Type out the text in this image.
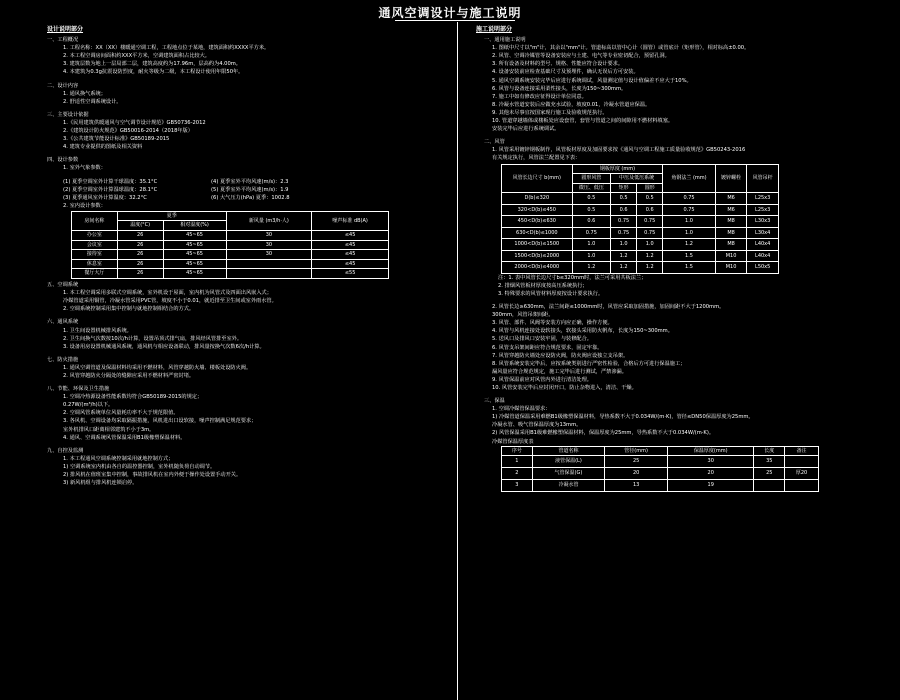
通风空调设计与施工说明
设计说明部分
一、工程概况
1. 工程名称：XX（XX）楼暖通空调工程，工程地点位于某地，建筑面积约XXXX平方米。
2. 本工程空调房间面积约XXX平方米，空调建筑面积占比较大。
3. 建筑层数为地上一层局部二层，建筑高度约为17.96m，层高约为4.00m。
4. 本建筑为0.3g抗震设防烈度，耐火等级为二级，本工程设计使用年限50年。
二、设计内容
1. 通风换气系统；
2. 舒适性空调系统设计。
三、主要设计依据
1.《民用建筑供暖通风与空气调节设计规范》GB50736-2012
2.《建筑设计防火规范》GB50016-2014（2018年版）
3.《公共建筑节能设计标准》GB50189-2015
4. 建筑专业提供的图纸及相关资料
四、设计参数
1. 室外气象参数：
(1) 夏季空调室外计算干球温度：35.1°C	(4) 夏季室外平均风速(m/s)：2.3
(2) 夏季空调室外计算湿球温度：28.1°C	(5) 夏季室外平均风速(m/s)：1.9
(3) 夏季通风室外计算温度：32.2°C	(6) 大气压力(hPa) 夏季：1002.8
2. 室内设计参数：
房间名称	夏季		新风量 (m3/h·人)	噪声标准 dB(A)
	温度(°C)	相对湿度(%)		
办公室	26	45~65	30	≤45
会议室	26	45~65	30	≤45
接待室	26	45~65	30	≤45
休息室	26	45~65		≤45
餐厅大厅	26	45~65		≤55
五、空调系统
1. 本工程空调采用多联式空调系统，室外机设于屋面，室内机为风管式及四面出风嵌入式；
冷媒管道采用铜管，冷凝水管采用PVC管，坡度不小于0.01，就近排至卫生间或室外雨水管。
2. 空调系统控制采用集中控制与就地控制相结合的方式。
六、通风系统
1. 卫生间设置机械排风系统。
2. 卫生间换气次数按10次/h计算，设置吊顶式排气扇，排风经风管排至室外。
3. 设备用房设置机械通风系统，通风机与相应设备联动，排风量按换气次数6次/h计算。
七、防火措施
1. 通风空调管道及保温材料均采用不燃材料，风管穿越防火墙、楼板处设防火阀。
2. 风管穿越防火分隔处的缝隙应采用不燃材料严密封堵。
八、节能、环保及卫生措施
1. 空调冷热源设备性能系数均符合GB50189-2015的规定；
0.27W/(m³/h)以下。
2. 空调风管系统单位风量耗功率不大于规范限值。
3. 各风机、空调设备均采取隔振措施，风机进出口设软接，噪声控制满足规范要求；
室外机排风口距离相邻建筑不小于3m。
4. 通风、空调系统风管保温采用B1级橡塑保温材料。
九、自控及监测
1. 本工程通风空调系统控制采用就地控制方式；
1) 空调系统室内机由各自的温控器控制，室外机随负荷自动调节。
2) 排风机在值班室集中控制，事故排风机在室内外便于操作处设置手动开关。
3) 新风机组与排风机连锁启停。
施工说明部分
一、通用施工说明
1. 图纸中尺寸以"m"计，其余以"mm"计。管道标高以管中心计（圆管）或管底计（矩形管），相对标高±0.00。
2. 风管、空调冷媒管等设备安装应与土建、电气等专业密切配合，预留孔洞。
3. 所有设备及材料的型号、规格、性能应符合设计要求。
4. 设备安装前应检查基础尺寸及预埋件，确认无误后方可安装。
5. 通风空调系统安装完毕后应进行系统调试，风量测定值与设计值偏差不应大于10%。
6. 风管与设备连接采用柔性接头，长度为150~300mm。
7. 施工中如有修改应征得设计单位同意。
8. 冷凝水管道安装后应做充水试验，坡度0.01，冷凝水管道应保温。
9. 其他未尽事宜按国家现行施工及验收规范执行。
10. 管道穿越墙体或楼板处应设套管，套管与管道之间的间隙用不燃材料填塞。
安装完毕后应进行系统调试。
二、风管
1. 风管采用镀锌钢板制作，风管板材厚度及加固要求按《通风与空调工程施工质量验收规范》GB50243-2016
有关规定执行，风管法兰配置见下表：
风管长边尺寸 b(mm)	钢板厚度 (mm)			角钢法兰 (mm)	镀锌螺栓	风管吊杆
	圆形风管	中压及低压系统				
	微压、低压	矩形	圆形			
D(b)≤320	0.5	0.5	0.5	0.75	M6	L25x3
320<D(b)≤450	0.5	0.6	0.6	0.75	M6	L25x3
450<D(b)≤630	0.6	0.75	0.75	1.0	M8	L30x3
630<D(b)≤1000	0.75	0.75	0.75	1.0	M8	L30x4
1000<D(b)≤1500	1.0	1.0	1.0	1.2	M8	L40x4
1500<D(b)≤2000	1.0	1.2	1.2	1.5	M10	L40x4
2000<D(b)≤4000	1.2	1.2	1.2	1.5	M10	L50x5
注：1. 表中风管长边尺寸b≤320mm时，法兰可采用共板法兰；
2. 排烟风管板材厚度按高压系统执行；
3. 特殊要求的风管材料厚度按设计要求执行。
2. 风管长边≥630mm，法兰间距≤1000mm时，风管应采取加固措施，加固间距不大于1200mm。
300mm，风管吊架间距。
3. 风管、部件、风阀等安装方向应正确，操作方便。
4. 风管与风机连接处设软接头，软接头采用防火帆布，长度为150~300mm。
5. 送风口及排风口安装牢固，与装修配合。
6. 风管支吊架间距应符合规范要求，固定牢靠。
7. 风管穿越防火墙处应设防火阀，防火阀应设独立支吊架。
8. 风管系统安装完毕后，应按系统类别进行严密性检验，合格后方可进行保温施工；
漏风量应符合规范规定，施工完毕后进行测试，严禁渗漏。
9. 风管保温前应对风管内外进行清洁处理。
10. 风管安装完毕后应封闭开口，防止杂物进入，清洁、干燥。
三、保温
1. 空调冷媒管保温要求：
1) 冷媒管道保温采用难燃B1级橡塑保温材料，导热系数不大于0.034W/(m·K)，管径≤DN50保温厚度为25mm。
冷凝水管、吸气管保温厚度为13mm。
2) 风管保温采用B1级难燃橡塑保温材料，保温厚度为25mm，导热系数不大于0.034W/(m·K)。
冷媒管保温厚度表
序号	管道名称	管径(mm)	保温厚度(mm)	长度	备注
1	液管保温(L)	25	30	35	
2	气管保温(G)	20	20	25	厚20
3	冷凝水管	13	19		
